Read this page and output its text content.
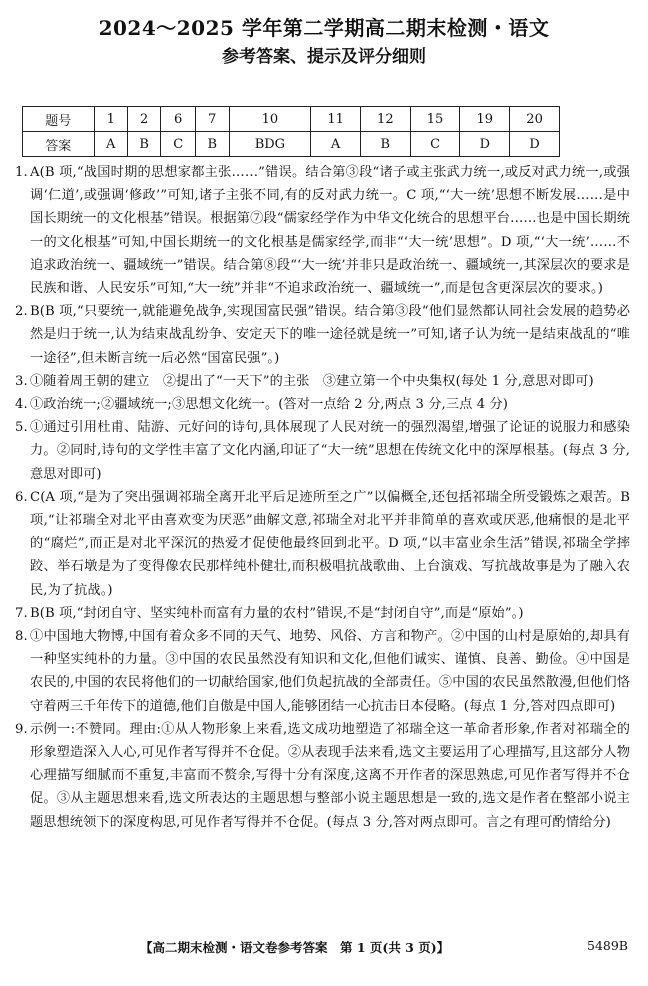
2024～2025 学年第二学期高二期末检测・语文
参考答案、提示及评分细则
题号	1	2	6	7	10	11	12	15	19	20
答案	A	B	C	B	BDG	A	B	C	D	D
1. A(B 项,“战国时期的思想家都主张……”错误。结合第③段“诸子或主张武力统一,或反对武力统一,或强调‘仁道’,或强调‘修政’”可知,诸子主张不同,有的反对武力统一。C 项,“‘大一统’思想不断发展……是中国长期统一的文化根基”错误。根据第⑦段“儒家经学作为中华文化统合的思想平台……也是中国长期统一的文化根基”可知,中国长期统一的文化根基是儒家经学,而非“‘大一统’思想”。D 项,“‘大一统’……不追求政治统一、疆域统一”错误。结合第⑧段“‘大一统’并非只是政治统一、疆域统一,其深层次的要求是民族和谐、人民安乐”可知,“大一统”并非“不追求政治统一、疆域统一”,而是包含更深层次的要求。)
2. B(B 项,“只要统一,就能避免战争,实现国富民强”错误。结合第③段“他们显然都认同社会发展的趋势必然是归于统一,认为结束战乱纷争、安定天下的唯一途径就是统一”可知,诸子认为统一是结束战乱的“唯一途径”,但未断言统一后必然“国富民强”。)
3. ①随着周王朝的建立　②提出了“一天下”的主张　③建立第一个中央集权(每处 1 分,意思对即可)
4. ①政治统一;②疆域统一;③思想文化统一。(答对一点给 2 分,两点 3 分,三点 4 分)
5. ①通过引用杜甫、陆游、元好问的诗句,具体展现了人民对统一的强烈渴望,增强了论证的说服力和感染力。②同时,诗句的文学性丰富了文化内涵,印证了“大一统”思想在传统文化中的深厚根基。(每点 3 分,意思对即可)
6. C(A 项,“是为了突出强调祁瑞全离开北平后足迹所至之广”以偏概全,还包括祁瑞全所受锻炼之艰苦。B 项,“让祁瑞全对北平由喜欢变为厌恶”曲解文意,祁瑞全对北平并非简单的喜欢或厌恶,他痛恨的是北平的“腐烂”,而正是对北平深沉的热爱才促使他最终回到北平。D 项,“以丰富业余生活”错误,祁瑞全学摔跤、举石墩是为了变得像农民那样纯朴健壮,而积极唱抗战歌曲、上台演戏、写抗战故事是为了融入农民,为了抗战。)
7. B(B 项,“封闭自守、坚实纯朴而富有力量的农村”错误,不是“封闭自守”,而是“原始”。)
8. ①中国地大物博,中国有着众多不同的天气、地势、风俗、方言和物产。②中国的山村是原始的,却具有一种坚实纯朴的力量。③中国的农民虽然没有知识和文化,但他们诚实、谨慎、良善、勤俭。④中国是农民的,中国的农民将他们的一切献给国家,他们负起抗战的全部责任。⑤中国的农民虽然散漫,但他们恪守着两三千年传下的道德,他们自傲是中国人,能够团结一心抗击日本侵略。(每点 1 分,答对四点即可)
9. 示例一:不赞同。理由:①从人物形象上来看,选文成功地塑造了祁瑞全这一革命者形象,作者对祁瑞全的形象塑造深入人心,可见作者写得并不仓促。②从表现手法来看,选文主要运用了心理描写,且这部分人物心理描写细腻而不重复,丰富而不赘余,写得十分有深度,这离不开作者的深思熟虑,可见作者写得并不仓促。③从主题思想来看,选文所表达的主题思想与整部小说主题思想是一致的,选文是作者在整部小说主题思想统领下的深度构思,可见作者写得并不仓促。(每点 3 分,答对两点即可。言之有理可酌情给分)
【高二期末检测・语文卷参考答案　第 1 页(共 3 页)】	5489B
